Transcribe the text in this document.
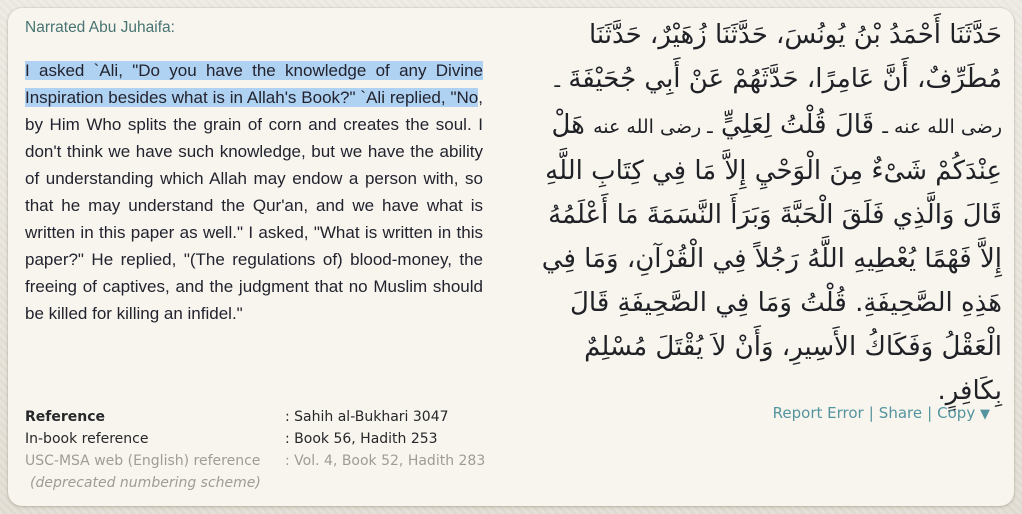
Narrated Abu Juhaifa:

I asked `Ali, "Do you have the knowledge of any Divine Inspiration besides what is in Allah's Book?" `Ali replied, "No, by Him Who splits the grain of corn and creates the soul. I don't think we have such knowledge, but we have the ability of understanding which Allah may endow a person with, so that he may understand the Qur'an, and we have what is written in this paper as well." I asked, "What is written in this paper?" He replied, "(The regulations of) blood-money, the freeing of captives, and the judgment that no Muslim should be killed for killing an infidel."

حَدَّثَنَا أَحْمَدُ بْنُ يُونُسَ، حَدَّثَنَا زُهَيْرٌ، حَدَّثَنَا مُطَرِّفٌ، أَنَّ عَامِرًا، حَدَّثَهُمْ عَنْ أَبِي جُحَيْفَةَ ـ رضى الله عنه ـ قَالَ قُلْتُ لِعَلِيٍّ ـ رضى الله عنه هَلْ عِنْدَكُمْ شَىْءٌ مِنَ الْوَحْيِ إِلاَّ مَا فِي كِتَابِ اللَّهِ قَالَ وَالَّذِي فَلَقَ الْحَبَّةَ وَبَرَأَ النَّسَمَةَ مَا أَعْلَمُهُ إِلاَّ فَهْمًا يُعْطِيهِ اللَّهُ رَجُلاً فِي الْقُرْآنِ، وَمَا فِي هَذِهِ الصَّحِيفَةِ. قُلْتُ وَمَا فِي الصَّحِيفَةِ قَالَ الْعَقْلُ وَفَكَاكُ الأَسِيرِ، وَأَنْ لاَ يُقْتَلَ مُسْلِمٌ بِكَافِرٍ.
Reference	: Sahih al-Bukhari 3047
In-book reference	: Book 56, Hadith 253
USC-MSA web (English) reference	: Vol. 4, Book 52, Hadith 283
(deprecated numbering scheme)
Report Error | Share | Copy ▼
